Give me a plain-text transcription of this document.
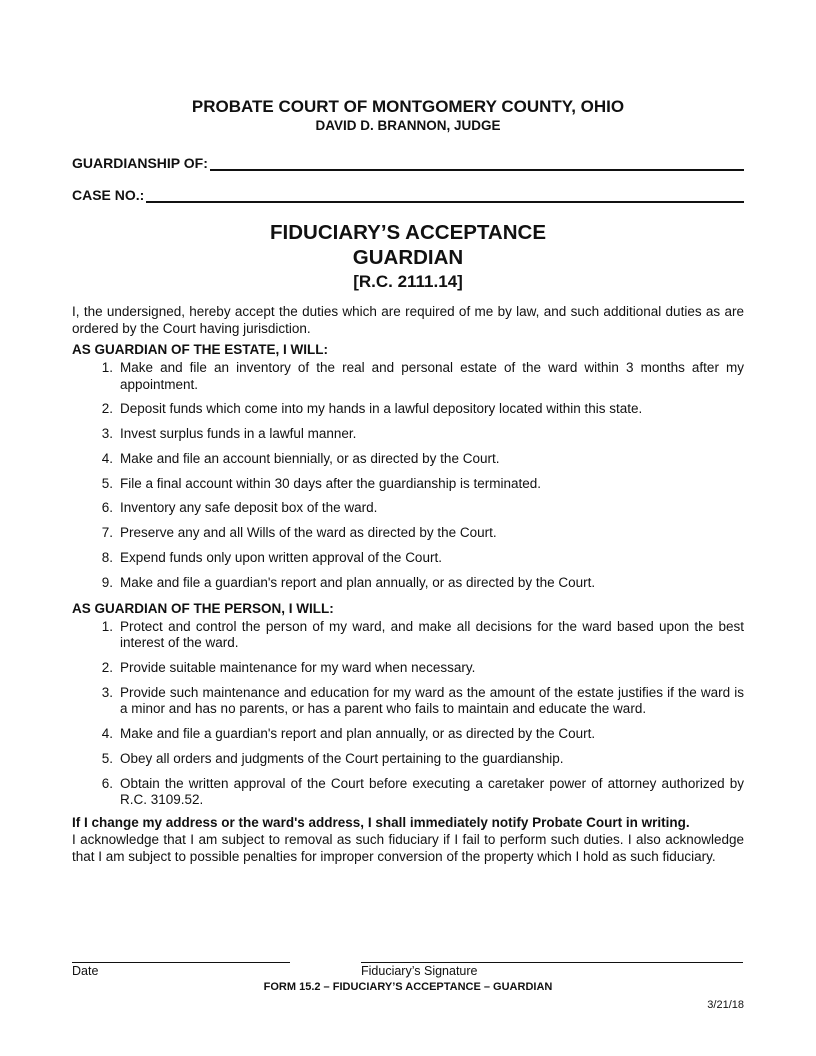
PROBATE COURT OF MONTGOMERY COUNTY, OHIO
DAVID D. BRANNON, JUDGE
GUARDIANSHIP OF:
CASE NO.:
FIDUCIARY’S ACCEPTANCE
GUARDIAN
[R.C. 2111.14]

I, the undersigned, hereby accept the duties which are required of me by law, and such additional duties as are ordered by the Court having jurisdiction.

AS GUARDIAN OF THE ESTATE, I WILL:
1. Make and file an inventory of the real and personal estate of the ward within 3 months after my appointment.
2. Deposit funds which come into my hands in a lawful depository located within this state.
3. Invest surplus funds in a lawful manner.
4. Make and file an account biennially, or as directed by the Court.
5. File a final account within 30 days after the guardianship is terminated.
6. Inventory any safe deposit box of the ward.
7. Preserve any and all Wills of the ward as directed by the Court.
8. Expend funds only upon written approval of the Court.
9. Make and file a guardian's report and plan annually, or as directed by the Court.
AS GUARDIAN OF THE PERSON, I WILL:
1. Protect and control the person of my ward, and make all decisions for the ward based upon the best interest of the ward.
2. Provide suitable maintenance for my ward when necessary.
3. Provide such maintenance and education for my ward as the amount of the estate justifies if the ward is a minor and has no parents, or has a parent who fails to maintain and educate the ward.
4. Make and file a guardian's report and plan annually, or as directed by the Court.
5. Obey all orders and judgments of the Court pertaining to the guardianship.
6. Obtain the written approval of the Court before executing a caretaker power of attorney authorized by R.C. 3109.52.
If I change my address or the ward's address, I shall immediately notify Probate Court in writing.

I acknowledge that I am subject to removal as such fiduciary if I fail to perform such duties. I also acknowledge that I am subject to possible penalties for improper conversion of the property which I hold as such fiduciary.

Date	Fiduciary’s Signature
FORM 15.2 – FIDUCIARY’S ACCEPTANCE – GUARDIAN
3/21/18
